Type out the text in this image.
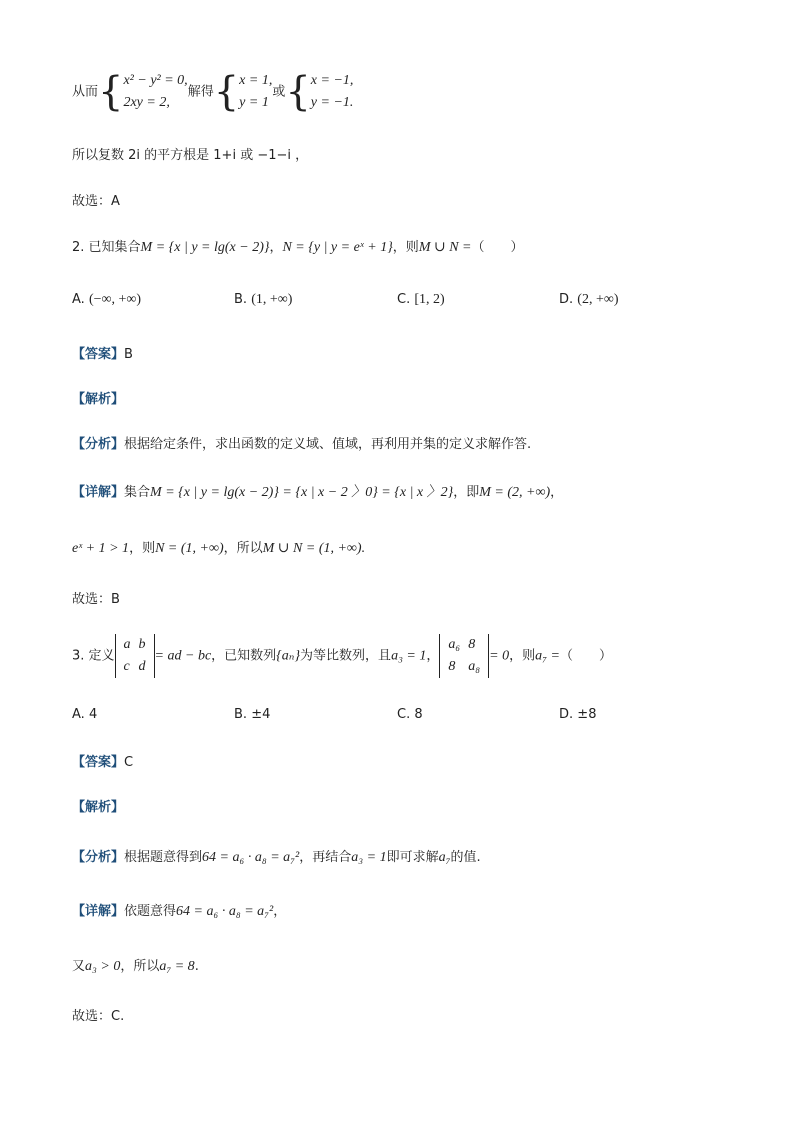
从而 { x² − y² = 0,
2xy = 2,
解得 { x = 1,
y = 1
或 { x = −1,
y = −1.
所以复数 2i 的平方根是 1+i 或 −1−i ，
故选：A
2. 已知集合M = {x | y = lg(x − 2)}，N = {y | y = eˣ + 1}，则M ∪ N =（　　）
A. (−∞, +∞)	B. (1, +∞)	C. [1, 2)	D. (2, +∞)
【答案】B
【解析】
【分析】根据给定条件，求出函数的定义域、值域，再利用并集的定义求解作答.
【详解】集合M = {x | y = lg(x − 2)} = {x | x − 2 〉0} = {x | x 〉2}，即M = (2, +∞)，
eˣ + 1 > 1，则N = (1, +∞)，所以M ∪ N = (1, +∞).
故选：B
3. 定义
a	b
c	d
= ad − bc，已知数列{aₙ}为等比数列，且a₃ = 1，
a₆	8
8	a₈
= 0，则a₇ =（　　）
A. 4	B. ±4	C. 8	D. ±8
【答案】C
【解析】
【分析】根据题意得到64 = a₆ · a₈ = a₇²，再结合a₃ = 1即可求解a₇的值.
【详解】依题意得64 = a₆ · a₈ = a₇²，
又a₃ > 0，所以a₇ = 8.
故选：C.
